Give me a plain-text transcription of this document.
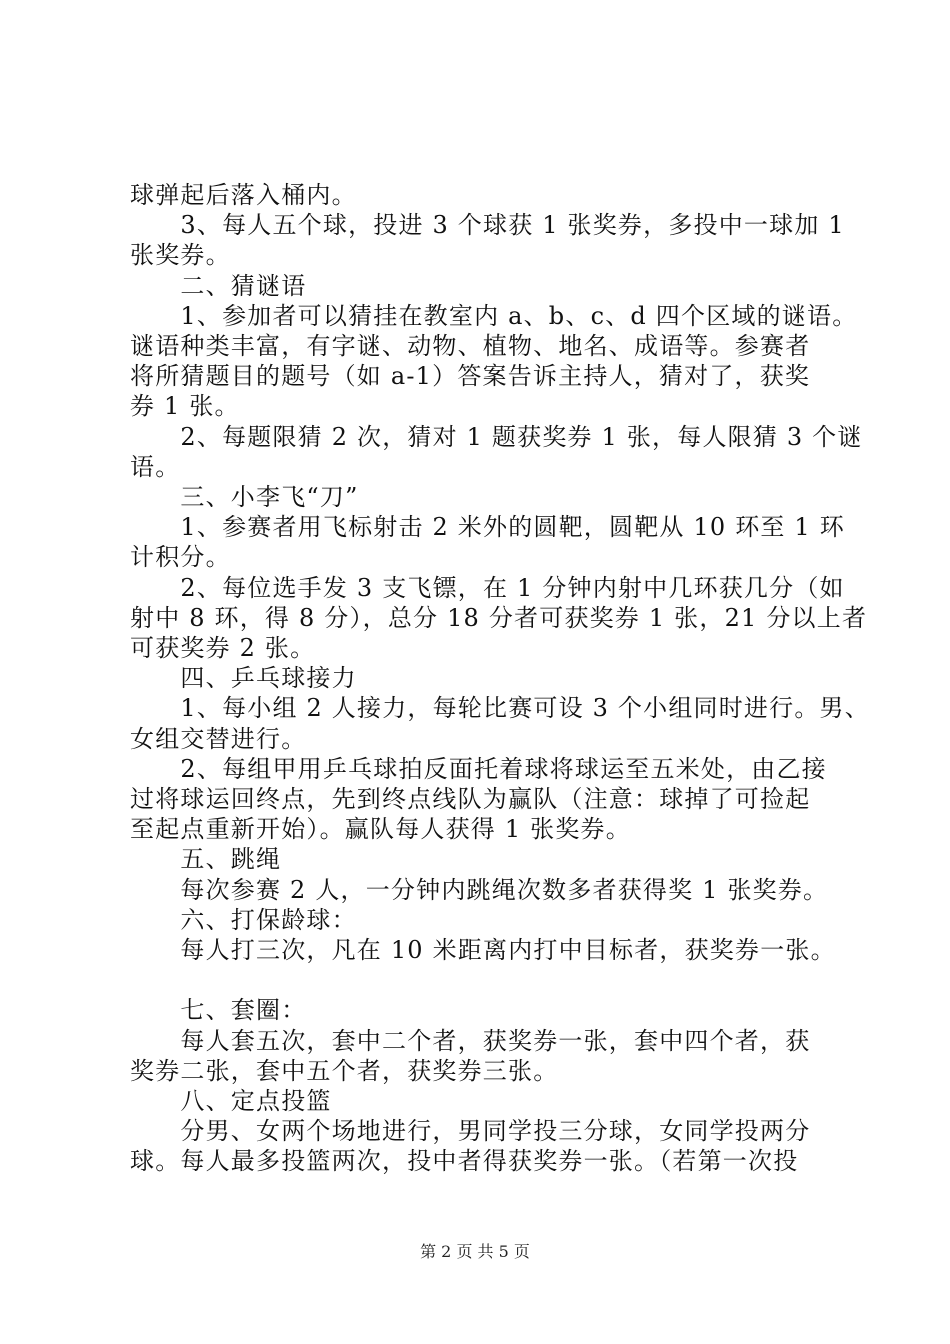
球弹起后落入桶内。
　　3、每人五个球，投进 3 个球获 1 张奖券，多投中一球加 1
张奖券。
　　二、猜谜语
　　1、参加者可以猜挂在教室内 a、b、c、d 四个区域的谜语。
谜语种类丰富，有字谜、动物、植物、地名、成语等。参赛者
将所猜题目的题号（如 a-1）答案告诉主持人，猜对了，获奖
券 1 张。
　　2、每题限猜 2 次，猜对 1 题获奖券 1 张，每人限猜 3 个谜
语。
　　三、小李飞“刀”
　　1、参赛者用飞标射击 2 米外的圆靶，圆靶从 10 环至 1 环
计积分。
　　2、每位选手发 3 支飞镖，在 1 分钟内射中几环获几分（如
射中 8 环，得 8 分），总分 18 分者可获奖券 1 张，21 分以上者
可获奖券 2 张。
　　四、乒乓球接力
　　1、每小组 2 人接力，每轮比赛可设 3 个小组同时进行。男、
女组交替进行。
　　2、每组甲用乒乓球拍反面托着球将球运至五米处，由乙接
过将球运回终点，先到终点线队为赢队（注意：球掉了可捡起
至起点重新开始）。赢队每人获得 1 张奖券。
　　五、跳绳
　　每次参赛 2 人，一分钟内跳绳次数多者获得奖 1 张奖券。
　　六、打保龄球：
　　每人打三次，凡在 10 米距离内打中目标者，获奖券一张。
　　七、套圈：
　　每人套五次，套中二个者，获奖券一张，套中四个者，获
奖券二张，套中五个者，获奖券三张。
　　八、定点投篮
　　分男、女两个场地进行，男同学投三分球，女同学投两分
球。每人最多投篮两次，投中者得获奖券一张。（若第一次投
第 2 页 共 5 页
